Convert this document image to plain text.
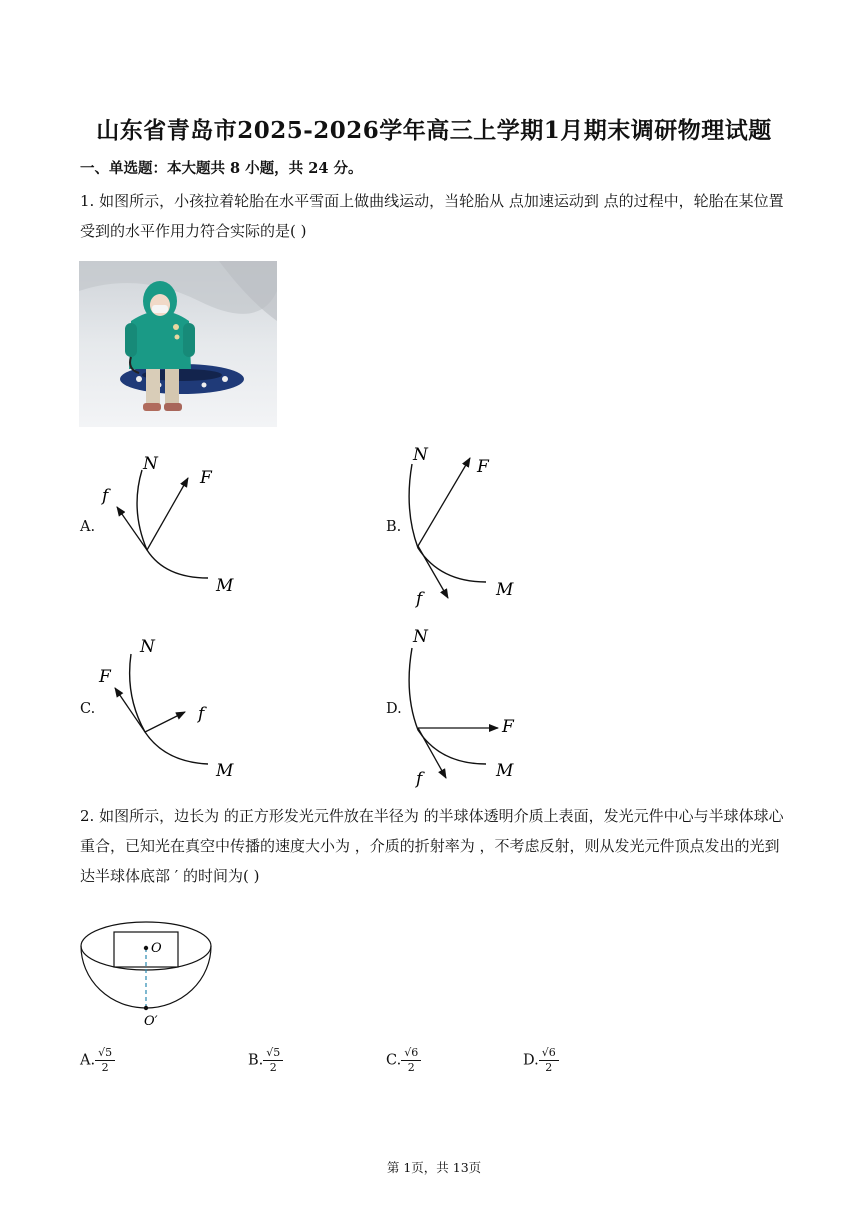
山东省青岛市2025-2026学年高三上学期1月期末调研物理试题
一、单选题：本大题共 8 小题，共 24 分。
1. 如图所示，小孩拉着轮胎在水平雪面上做曲线运动，当轮胎从 点加速运动到 点的过程中，轮胎在某位置受到的水平作用力符合实际的是( )
A.
N
F
f
M
B.
N
F
f	M
C.
N
F
f
M
D.
N
F
f	M
2. 如图所示，边长为 的正方形发光元件放在半径为 的半球体透明介质上表面，发光元件中心与半球体球心 重合，已知光在真空中传播的速度大小为 ，介质的折射率为 ，不考虑反射，则从发光元件顶点发出的光到达半球体底部 ′ 的时间为( )
O
O′
A. $\frac{√5}{2}$	B. $\frac{√5}{2}$	C. $\frac{√6}{2}$	D. $\frac{√6}{2}$
第 1页，共 13页
